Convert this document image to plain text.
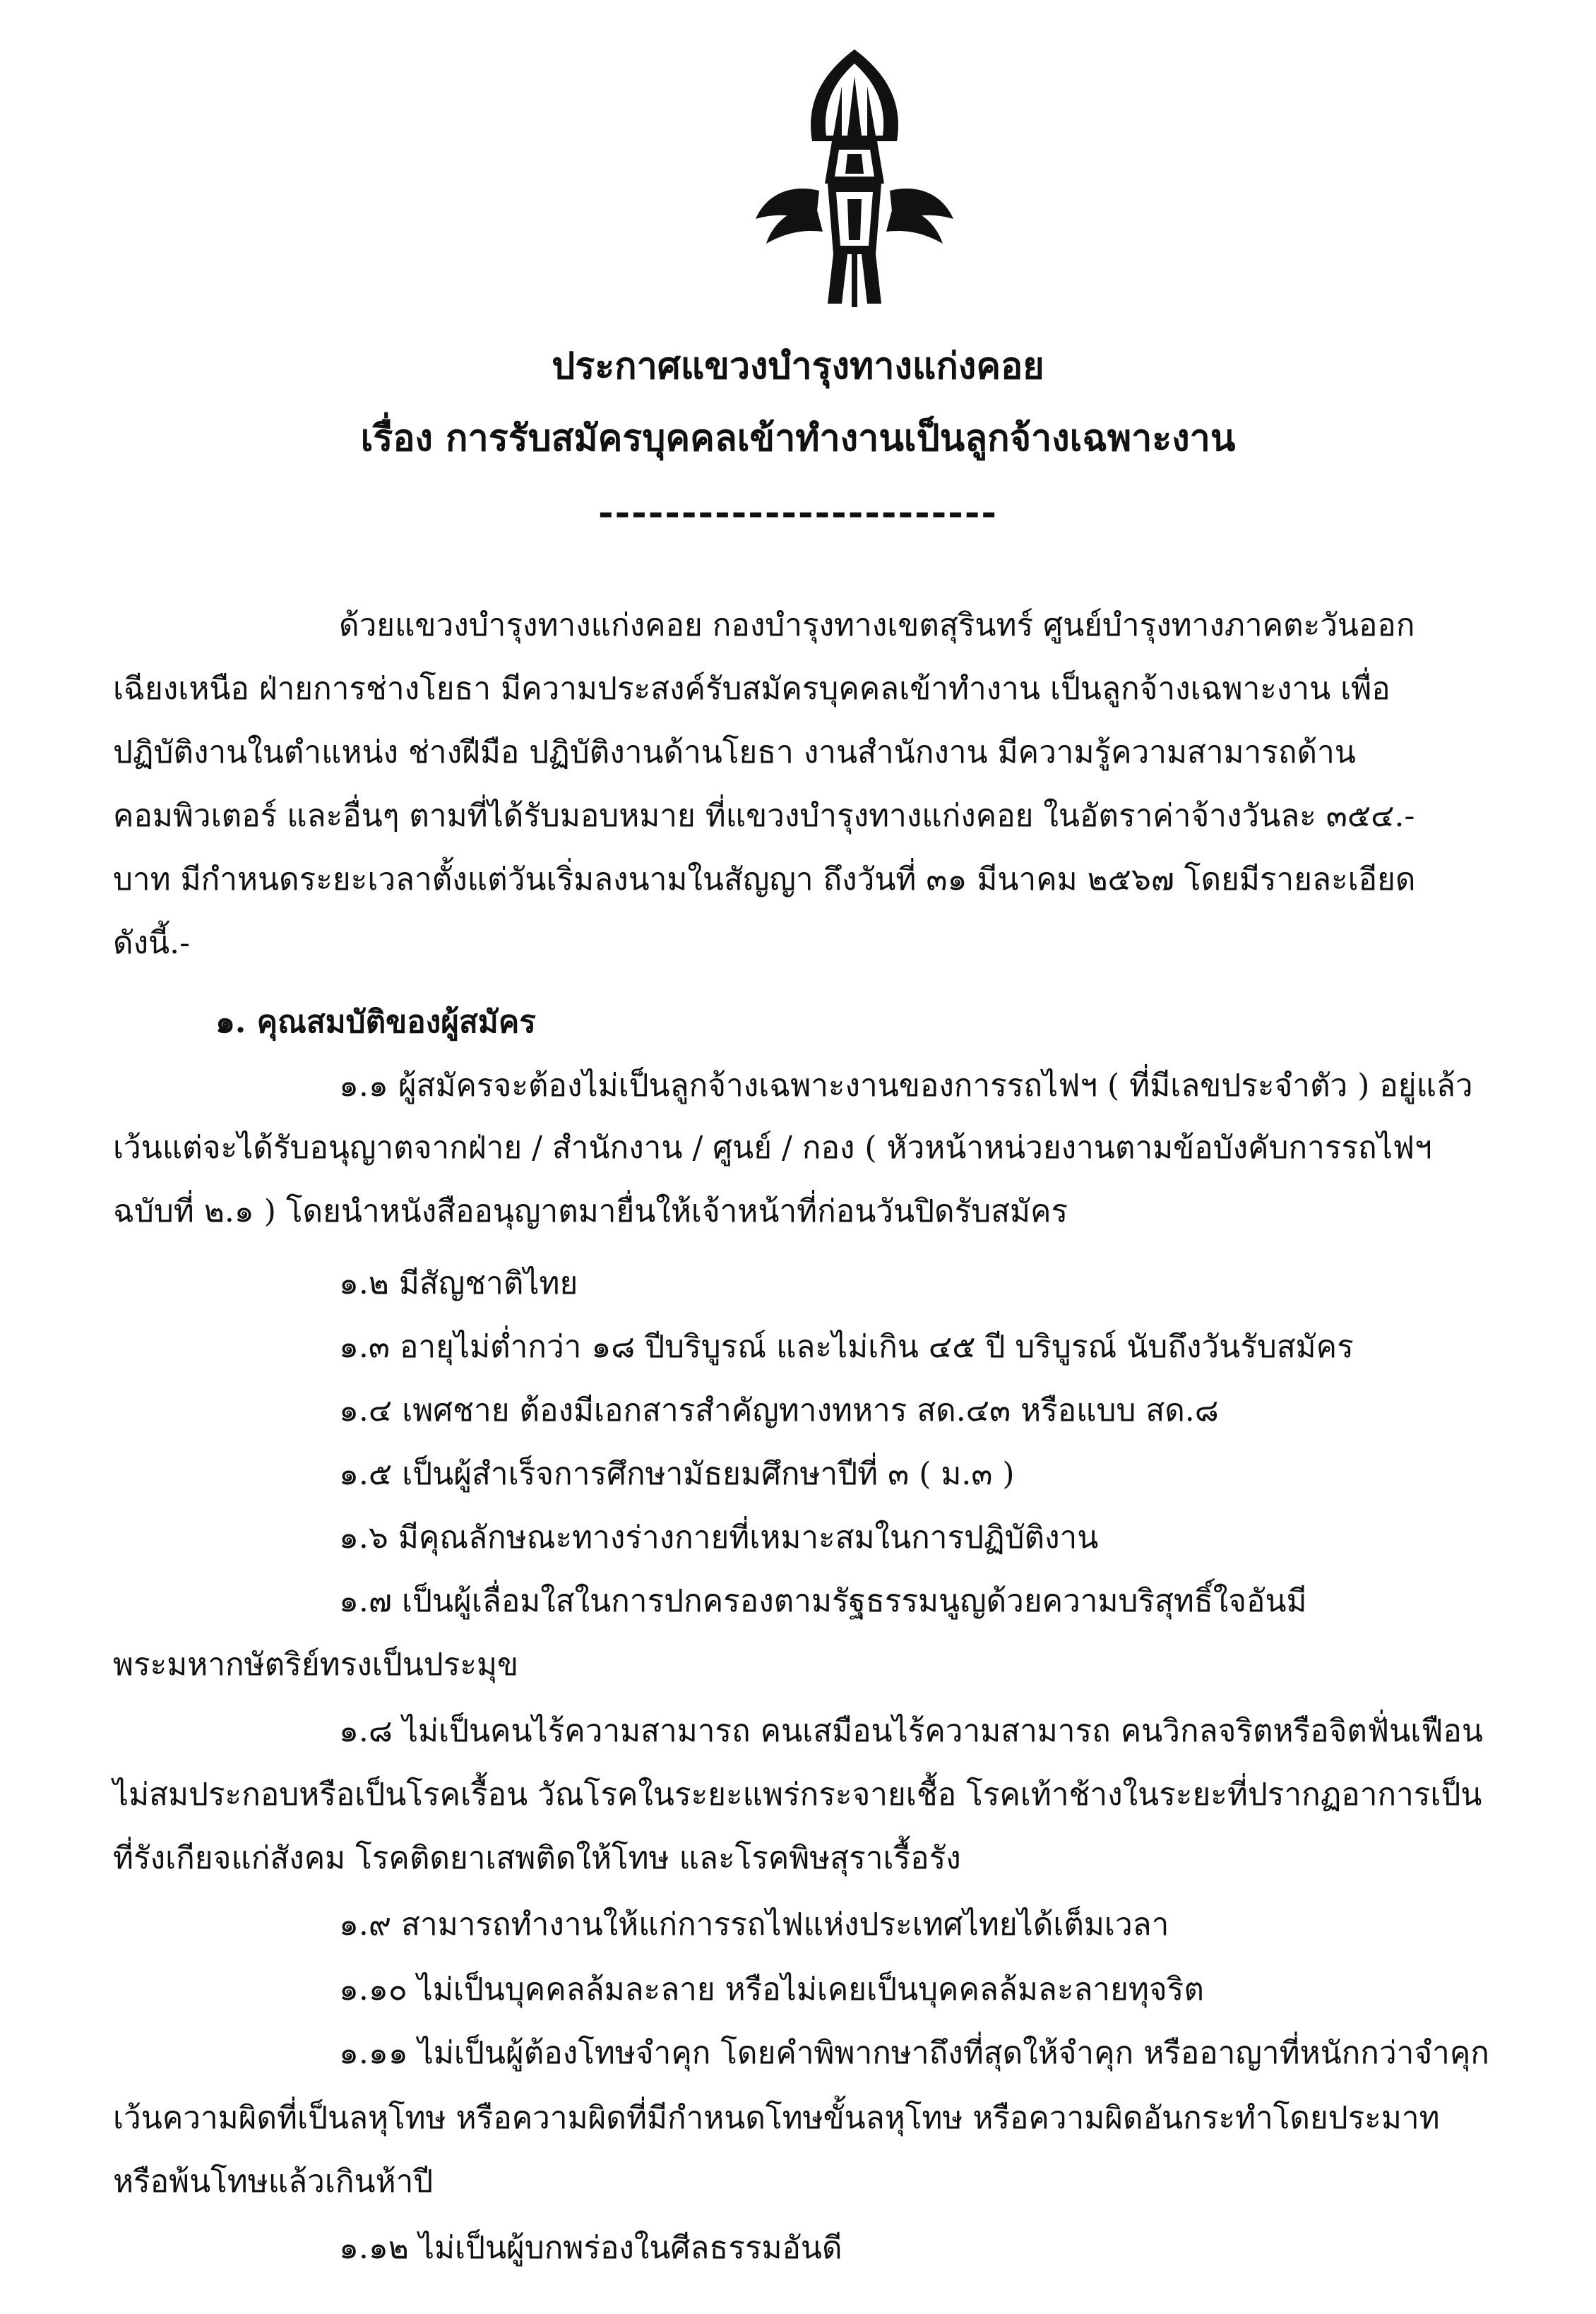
ประกาศแขวงบำรุงทางแก่งคอย
เรื่อง การรับสมัครบุคคลเข้าทำงานเป็นลูกจ้างเฉพาะงาน
------------------------
ด้วยแขวงบำรุงทางแก่งคอย กองบำรุงทางเขตสุรินทร์ ศูนย์บำรุงทางภาคตะวันออก
เฉียงเหนือ ฝ่ายการช่างโยธา มีความประสงค์รับสมัครบุคคลเข้าทำงาน เป็นลูกจ้างเฉพาะงาน เพื่อ
ปฏิบัติงานในตำแหน่ง ช่างฝีมือ ปฏิบัติงานด้านโยธา งานสำนักงาน มีความรู้ความสามารถด้าน
คอมพิวเตอร์ และอื่นๆ ตามที่ได้รับมอบหมาย ที่แขวงบำรุงทางแก่งคอย ในอัตราค่าจ้างวันละ ๓๕๔.-
บาท มีกำหนดระยะเวลาตั้งแต่วันเริ่มลงนามในสัญญา ถึงวันที่ ๓๑ มีนาคม ๒๕๖๗ โดยมีรายละเอียด
ดังนี้.-
๑. คุณสมบัติของผู้สมัคร
๑.๑ ผู้สมัครจะต้องไม่เป็นลูกจ้างเฉพาะงานของการรถไฟฯ ( ที่มีเลขประจำตัว ) อยู่แล้ว
เว้นแต่จะได้รับอนุญาตจากฝ่าย / สำนักงาน / ศูนย์ / กอง ( หัวหน้าหน่วยงานตามข้อบังคับการรถไฟฯ
ฉบับที่ ๒.๑ ) โดยนำหนังสืออนุญาตมายื่นให้เจ้าหน้าที่ก่อนวันปิดรับสมัคร
๑.๒ มีสัญชาติไทย
๑.๓ อายุไม่ต่ำกว่า ๑๘ ปีบริบูรณ์ และไม่เกิน ๔๕ ปี บริบูรณ์ นับถึงวันรับสมัคร
๑.๔ เพศชาย ต้องมีเอกสารสำคัญทางทหาร สด.๔๓ หรือแบบ สด.๘
๑.๕ เป็นผู้สำเร็จการศึกษามัธยมศึกษาปีที่ ๓ ( ม.๓ )
๑.๖ มีคุณลักษณะทางร่างกายที่เหมาะสมในการปฏิบัติงาน
๑.๗ เป็นผู้เลื่อมใสในการปกครองตามรัฐธรรมนูญด้วยความบริสุทธิ์ใจอันมี
พระมหากษัตริย์ทรงเป็นประมุข
๑.๘ ไม่เป็นคนไร้ความสามารถ คนเสมือนไร้ความสามารถ คนวิกลจริตหรือจิตฟั่นเฟือน
ไม่สมประกอบหรือเป็นโรคเรื้อน วัณโรคในระยะแพร่กระจายเชื้อ โรคเท้าช้างในระยะที่ปรากฏอาการเป็น
ที่รังเกียจแก่สังคม โรคติดยาเสพติดให้โทษ และโรคพิษสุราเรื้อรัง
๑.๙ สามารถทำงานให้แก่การรถไฟแห่งประเทศไทยได้เต็มเวลา
๑.๑๐ ไม่เป็นบุคคลล้มละลาย หรือไม่เคยเป็นบุคคลล้มละลายทุจริต
๑.๑๑ ไม่เป็นผู้ต้องโทษจำคุก โดยคำพิพากษาถึงที่สุดให้จำคุก หรืออาญาที่หนักกว่าจำคุก
เว้นความผิดที่เป็นลหุโทษ หรือความผิดที่มีกำหนดโทษขั้นลหุโทษ หรือความผิดอันกระทำโดยประมาท
หรือพ้นโทษแล้วเกินห้าปี
๑.๑๒ ไม่เป็นผู้บกพร่องในศีลธรรมอันดี
